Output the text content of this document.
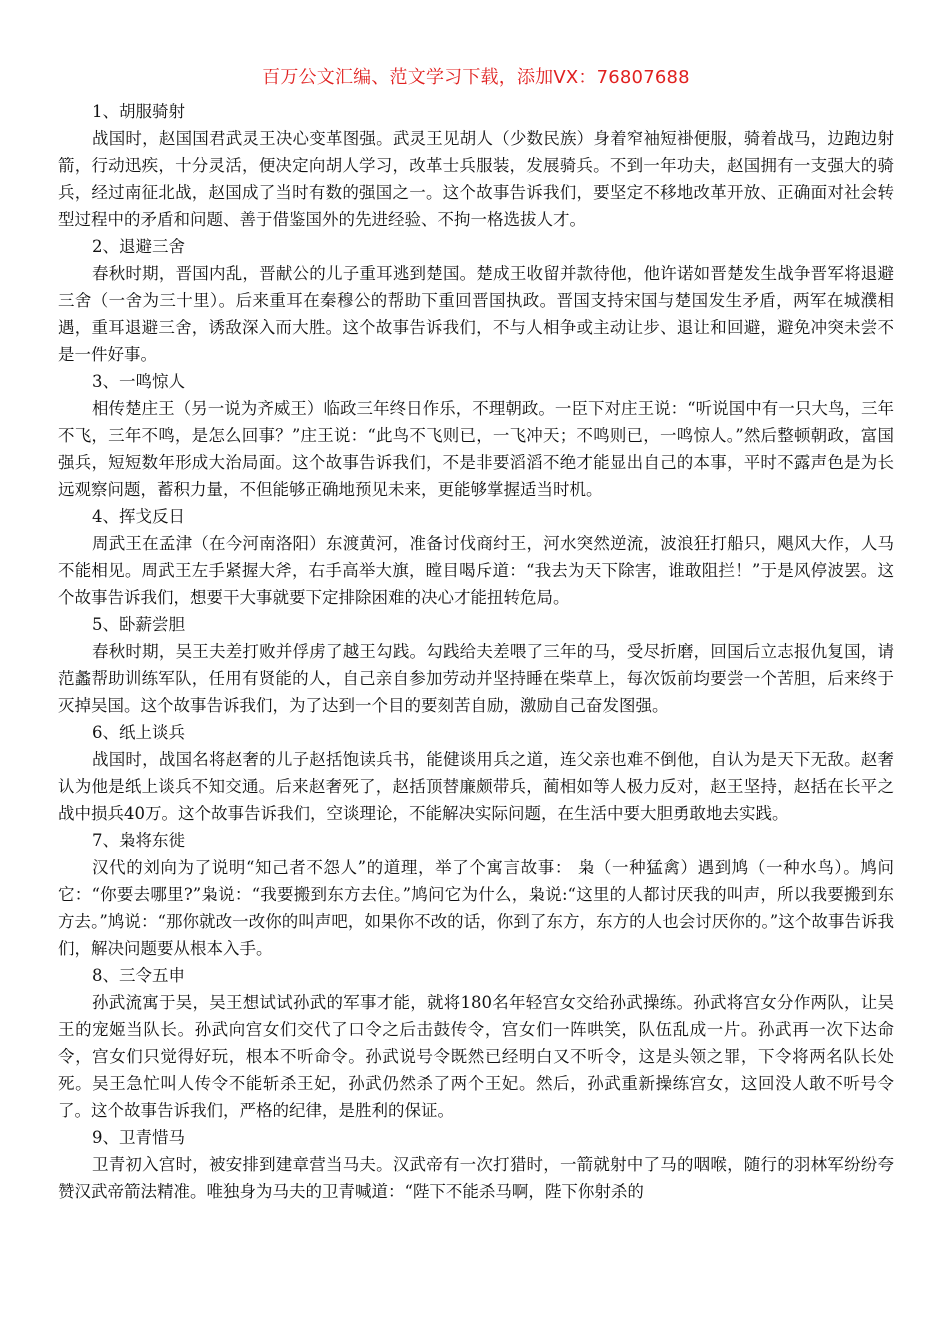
百万公文汇编、范文学习下载，添加VX：76807688
1、胡服骑射

战国时，赵国国君武灵王决心变革图强。武灵王见胡人（少数民族）身着窄袖短褂便服，骑着战马，边跑边射箭，行动迅疾，十分灵活，便决定向胡人学习，改革士兵服装，发展骑兵。不到一年功夫，赵国拥有一支强大的骑兵，经过南征北战，赵国成了当时有数的强国之一。这个故事告诉我们，要坚定不移地改革开放、正确面对社会转型过程中的矛盾和问题、善于借鉴国外的先进经验、不拘一格选拔人才。

2、退避三舍

春秋时期，晋国内乱，晋献公的儿子重耳逃到楚国。楚成王收留并款待他，他许诺如晋楚发生战争晋军将退避三舍（一舍为三十里）。后来重耳在秦穆公的帮助下重回晋国执政。晋国支持宋国与楚国发生矛盾，两军在城濮相遇，重耳退避三舍，诱敌深入而大胜。这个故事告诉我们，不与人相争或主动让步、退让和回避，避免冲突未尝不是一件好事。

3、一鸣惊人

相传楚庄王（另一说为齐威王）临政三年终日作乐，不理朝政。一臣下对庄王说：“听说国中有一只大鸟，三年不飞，三年不鸣，是怎么回事？”庄王说：“此鸟不飞则已，一飞冲天；不鸣则已，一鸣惊人。”然后整顿朝政，富国强兵，短短数年形成大治局面。这个故事告诉我们，不是非要滔滔不绝才能显出自己的本事，平时不露声色是为长远观察问题，蓄积力量，不但能够正确地预见未来，更能够掌握适当时机。

4、挥戈反日

周武王在孟津（在今河南洛阳）东渡黄河，准备讨伐商纣王，河水突然逆流，波浪狂打船只，飓风大作，人马不能相见。周武王左手紧握大斧，右手高举大旗，瞠目喝斥道：“我去为天下除害，谁敢阻拦！”于是风停波罢。这个故事告诉我们，想要干大事就要下定排除困难的决心才能扭转危局。

5、卧薪尝胆

春秋时期，吴王夫差打败并俘虏了越王勾践。勾践给夫差喂了三年的马，受尽折磨，回国后立志报仇复国，请范蠡帮助训练军队，任用有贤能的人，自己亲自参加劳动并坚持睡在柴草上，每次饭前均要尝一个苦胆，后来终于灭掉吴国。这个故事告诉我们，为了达到一个目的要刻苦自励，激励自己奋发图强。

6、纸上谈兵

战国时，战国名将赵奢的儿子赵括饱读兵书，能健谈用兵之道，连父亲也难不倒他，自认为是天下无敌。赵奢认为他是纸上谈兵不知交通。后来赵奢死了，赵括顶替廉颇带兵，蔺相如等人极力反对，赵王坚持，赵括在长平之战中损兵40万。这个故事告诉我们，空谈理论，不能解决实际问题，在生活中要大胆勇敢地去实践。

7、枭将东徙

汉代的刘向为了说明“知己者不怨人”的道理，举了个寓言故事： 枭（一种猛禽）遇到鸠（一种水鸟）。鸠问它：“你要去哪里?”枭说：“我要搬到东方去住。”鸠问它为什么，枭说:“这里的人都讨厌我的叫声，所以我要搬到东方去。”鸠说：“那你就改一改你的叫声吧，如果你不改的话，你到了东方，东方的人也会讨厌你的。”这个故事告诉我们，解决问题要从根本入手。

8、三令五申

孙武流寓于吴，吴王想试试孙武的军事才能，就将180名年轻宫女交给孙武操练。孙武将宫女分作两队，让吴王的宠姬当队长。孙武向宫女们交代了口令之后击鼓传令，宫女们一阵哄笑，队伍乱成一片。孙武再一次下达命令，宫女们只觉得好玩，根本不听命令。孙武说号令既然已经明白又不听令，这是头领之罪，下令将两名队长处死。吴王急忙叫人传令不能斩杀王妃，孙武仍然杀了两个王妃。然后，孙武重新操练宫女，这回没人敢不听号令了。这个故事告诉我们，严格的纪律，是胜利的保证。

9、卫青惜马

卫青初入宫时，被安排到建章营当马夫。汉武帝有一次打猎时，一箭就射中了马的咽喉，随行的羽林军纷纷夸赞汉武帝箭法精准。唯独身为马夫的卫青喊道：“陛下不能杀马啊，陛下你射杀的
